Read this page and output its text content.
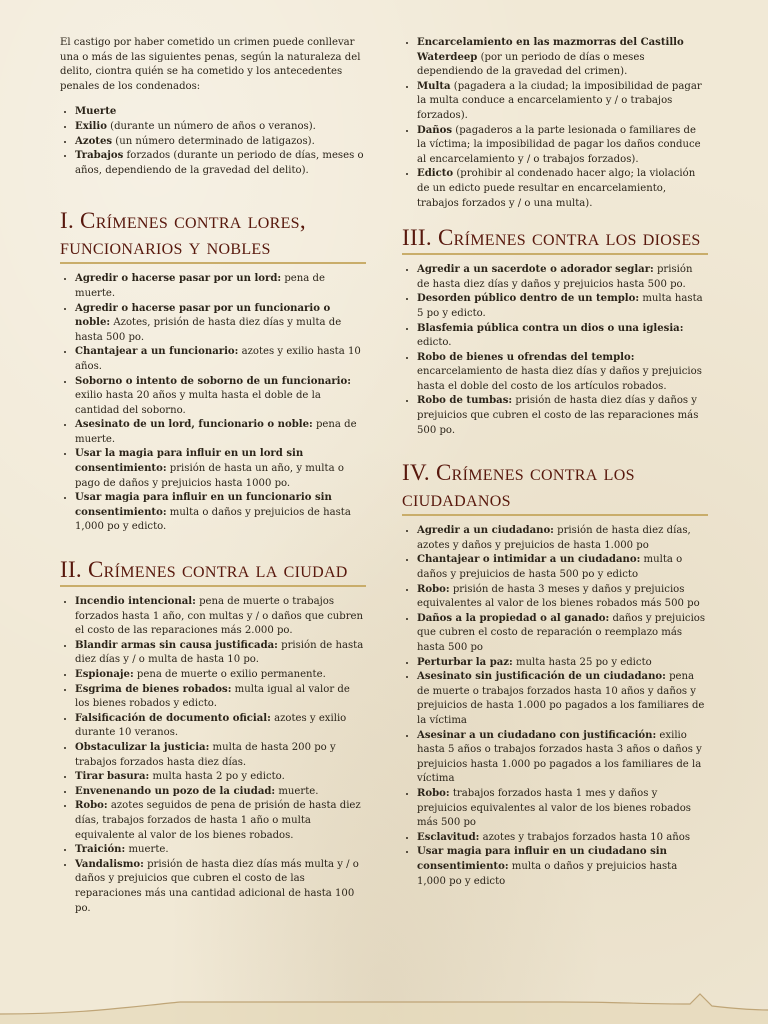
El castigo por haber cometido un crimen puede conllevar una o más de las siguientes penas, según la naturaleza del delito, ciontra quién se ha cometido y los antecedentes penales de los condenados:

• Muerte
• Exilio (durante un número de años o veranos).
• Azotes (un número determinado de latigazos).
• Trabajos forzados (durante un periodo de días, meses o años, dependiendo de la gravedad del delito).
I. Crímenes contra lores, funcionarios y nobles
• Agredir o hacerse pasar por un lord: pena de muerte.
• Agredir o hacerse pasar por un funcionario o noble: Azotes, prisión de hasta diez días y multa de hasta 500 po.
• Chantajear a un funcionario: azotes y exilio hasta 10 años.
• Soborno o intento de soborno de un funcionario: exilio hasta 20 años y multa hasta el doble de la cantidad del soborno.
• Asesinato de un lord, funcionario o noble: pena de muerte.
• Usar la magia para influir en un lord sin consentimiento: prisión de hasta un año, y multa o pago de daños y prejuicios hasta 1000 po.
• Usar magia para influir en un funcionario sin consentimiento: multa o daños y prejuicios de hasta 1,000 po y edicto.
II. Crímenes contra la ciudad
• Incendio intencional: pena de muerte o trabajos forzados hasta 1 año, con multas y / o daños que cubren el costo de las reparaciones más 2.000 po.
• Blandir armas sin causa justificada: prisión de hasta diez días y / o multa de hasta 10 po.
• Espionaje: pena de muerte o exilio permanente.
• Esgrima de bienes robados: multa igual al valor de los bienes robados y edicto.
• Falsificación de documento oficial: azotes y exilio durante 10 veranos.
• Obstaculizar la justicia: multa de hasta 200 po y trabajos forzados hasta diez días.
• Tirar basura: multa hasta 2 po y edicto.
• Envenenando un pozo de la ciudad: muerte.
• Robo: azotes seguidos de pena de prisión de hasta diez días, trabajos forzados de hasta 1 año o multa equivalente al valor de los bienes robados.
• Traición: muerte.
• Vandalismo: prisión de hasta diez días más multa y / o daños y prejuicios que cubren el costo de las reparaciones más una cantidad adicional de hasta 100 po.
• Encarcelamiento en las mazmorras del Castillo Waterdeep (por un periodo de días o meses dependiendo de la gravedad del crimen).
• Multa (pagadera a la ciudad; la imposibilidad de pagar la multa conduce a encarcelamiento y / o trabajos forzados).
• Daños (pagaderos a la parte lesionada o familiares de la víctima; la imposibilidad de pagar los daños conduce al encarcelamiento y / o trabajos forzados).
• Edicto (prohibir al condenado hacer algo; la violación de un edicto puede resultar en encarcelamiento, trabajos forzados y / o una multa).
III. Crímenes contra los dioses
• Agredir a un sacerdote o adorador seglar: prisión de hasta diez días y daños y prejuicios hasta 500 po.
• Desorden público dentro de un templo: multa hasta 5 po y edicto.
• Blasfemia pública contra un dios o una iglesia: edicto.
• Robo de bienes u ofrendas del templo: encarcelamiento de hasta diez días y daños y prejuicios hasta el doble del costo de los artículos robados.
• Robo de tumbas: prisión de hasta diez días y daños y prejuicios que cubren el costo de las reparaciones más 500 po.
IV. Crímenes contra los ciudadanos
• Agredir a un ciudadano: prisión de hasta diez días, azotes y daños y prejuicios de hasta 1.000 po
• Chantajear o intimidar a un ciudadano: multa o daños y prejuicios de hasta 500 po y edicto
• Robo: prisión de hasta 3 meses y daños y prejuicios equivalentes al valor de los bienes robados más 500 po
• Daños a la propiedad o al ganado: daños y prejuicios que cubren el costo de reparación o reemplazo más hasta 500 po
• Perturbar la paz: multa hasta 25 po y edicto
• Asesinato sin justificación de un ciudadano: pena de muerte o trabajos forzados hasta 10 años y daños y prejuicios de hasta 1.000 po pagados a los familiares de la víctima
• Asesinar a un ciudadano con justificación: exilio hasta 5 años o trabajos forzados hasta 3 años o daños y prejuicios hasta 1.000 po pagados a los familiares de la víctima
• Robo: trabajos forzados hasta 1 mes y daños y prejuicios equivalentes al valor de los bienes robados más 500 po
• Esclavitud: azotes y trabajos forzados hasta 10 años
• Usar magia para influir en un ciudadano sin consentimiento: multa o daños y prejuicios hasta 1,000 po y edicto
